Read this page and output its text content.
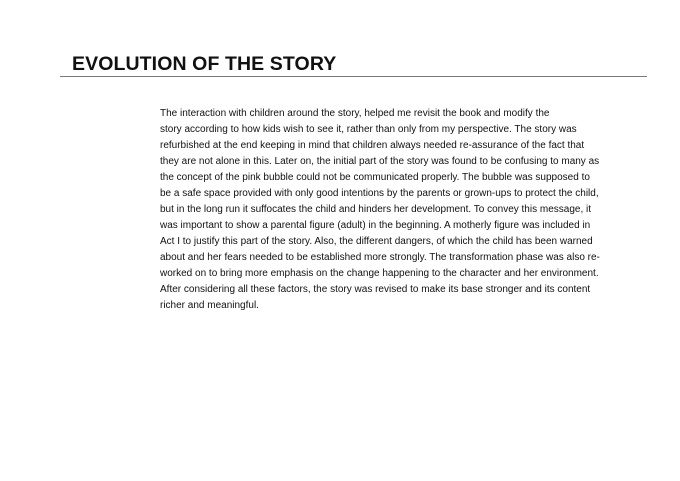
EVOLUTION OF THE STORY
The interaction with children around the story, helped me revisit the book and modify the
story according to how kids wish to see it, rather than only from my perspective. The story was
refurbished at the end keeping in mind that children always needed re-assurance of the fact that
they are not alone in this. Later on, the initial part of the story was found to be confusing to many as
the concept of the pink bubble could not be communicated properly. The bubble was supposed to
be a safe space provided with only good intentions by the parents or grown-ups to protect the child,
but in the long run it suffocates the child and hinders her development. To convey this message, it
was important to show a parental figure (adult) in the beginning. A motherly figure was included in
Act I to justify this part of the story. Also, the different dangers, of which the child has been warned
about and her fears needed to be established more strongly. The transformation phase was also re-
worked on to bring more emphasis on the change happening to the character and her environment.
After considering all these factors, the story was revised to make its base stronger and its content
richer and meaningful.
